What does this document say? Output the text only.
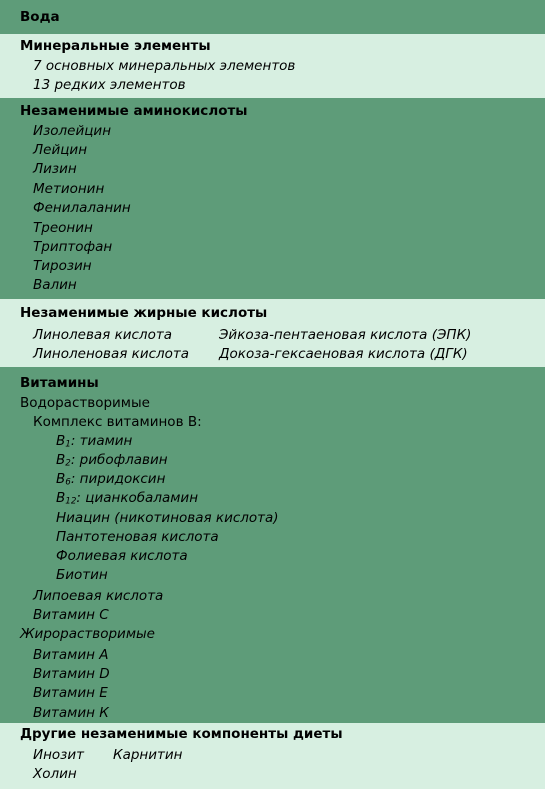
Вода
Минеральные элементы
7 основных минеральных элементов
13 редких элементов
Незаменимые аминокислоты
Изолейцин
Лейцин
Лизин
Метионин
Фенилаланин
Треонин
Триптофан
Тирозин
Валин
Незаменимые жирные кислоты
Линолевая кислота
Линоленовая кислота
Эйкоза-пентаеновая кислота (ЭПК)
Докоза-гексаеновая кислота (ДГК)
Витамины
Водорастворимые
Комплекс витаминов В:
B1: тиамин
B2: рибофлавин
B6: пиридоксин
B12: цианкобаламин
Ниацин (никотиновая кислота)
Пантотеновая кислота
Фолиевая кислота
Биотин
Липоевая кислота
Витамин С
Жирорастворимые
Витамин А
Витамин D
Витамин Е
Витамин К
Другие незаменимые компоненты диеты
Инозит Карнитин
Холин
